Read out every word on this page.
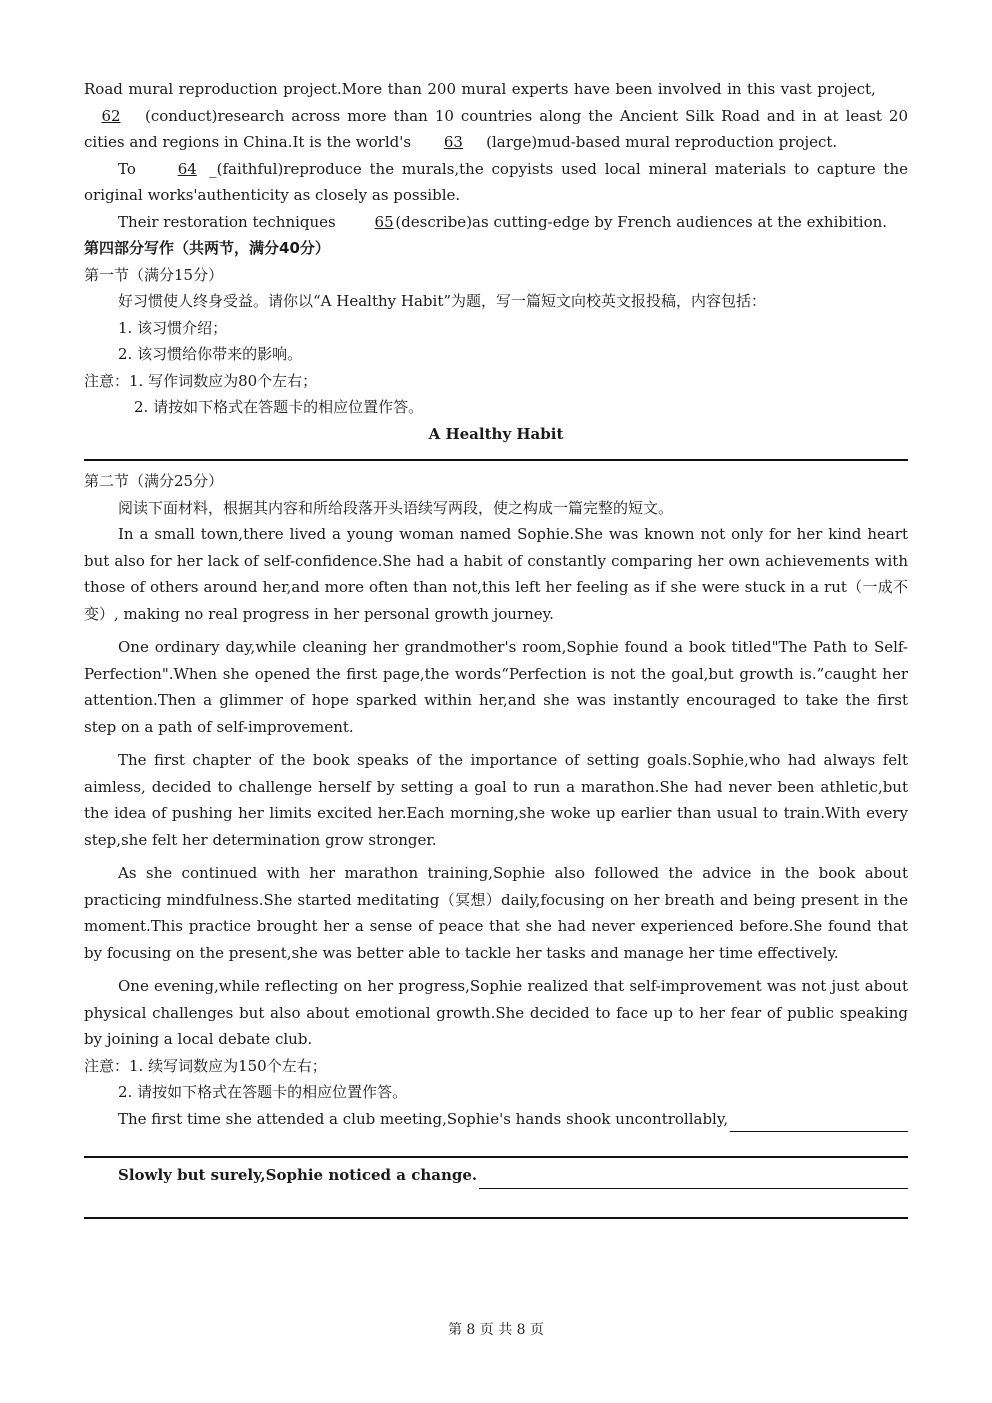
Road mural reproduction project.More than 200 mural experts have been involved in this vast project,      62 (conduct)research across more than 10 countries along the Ancient Silk Road and in at least 20 cities and regions in China.It is the world's 63 (large)mud-based mural reproduction project.

To	64 _(faithful)reproduce the murals,the copyists used local mineral materials to capture the original works'authenticity as closely as possible.

Their restoration techniques	65 (describe)as cutting-edge by French audiences at the exhibition.

第四部分写作（共两节，满分40分）

第一节（满分15分）

好习惯使人终身受益。请你以“A Healthy Habit”为题，写一篇短文向校英文报投稿，内容包括：

1. 该习惯介绍；

2. 该习惯给你带来的影响。

注意：1. 写作词数应为80个左右；

2. 请按如下格式在答题卡的相应位置作答。

A Healthy Habit

第二节（满分25分）

阅读下面材料，根据其内容和所给段落开头语续写两段，使之构成一篇完整的短文。

In a small town,there lived a young woman named Sophie.She was known not only for her kind heart but also for her lack of self-confidence.She had a habit of constantly comparing her own achievements with those of others around her,and more often than not,this left her feeling as if she were stuck in a rut（一成不变）, making no real progress in her personal growth journey.

One ordinary day,while cleaning her grandmother's room,Sophie found a book titled"The Path to Self-Perfection".When she opened the first page,the words“Perfection is not the goal,but growth is.”caught her attention.Then a glimmer of hope sparked within her,and she was instantly encouraged to take the first step on a path of self-improvement.

The first chapter of the book speaks of the importance of setting goals.Sophie,who had always felt aimless, decided to challenge herself by setting a goal to run a marathon.She had never been athletic,but the idea of pushing her limits excited her.Each morning,she woke up earlier than usual to train.With every step,she felt her determination grow stronger.

As she continued with her marathon training,Sophie also followed the advice in the book about practicing mindfulness.She started meditating（冥想）daily,focusing on her breath and being present in the moment.This practice brought her a sense of peace that she had never experienced before.She found that by focusing on the present,she was better able to tackle her tasks and manage her time effectively.

One evening,while reflecting on her progress,Sophie realized that self-improvement was not just about physical challenges but also about emotional growth.She decided to face up to her fear of public speaking by joining a local debate club.

注意：1. 续写词数应为150个左右；

2. 请按如下格式在答题卡的相应位置作答。

The first time she attended a club meeting,Sophie's hands shook uncontrollably,
Slowly but surely,Sophie noticed a change.
第 8 页 共 8 页
